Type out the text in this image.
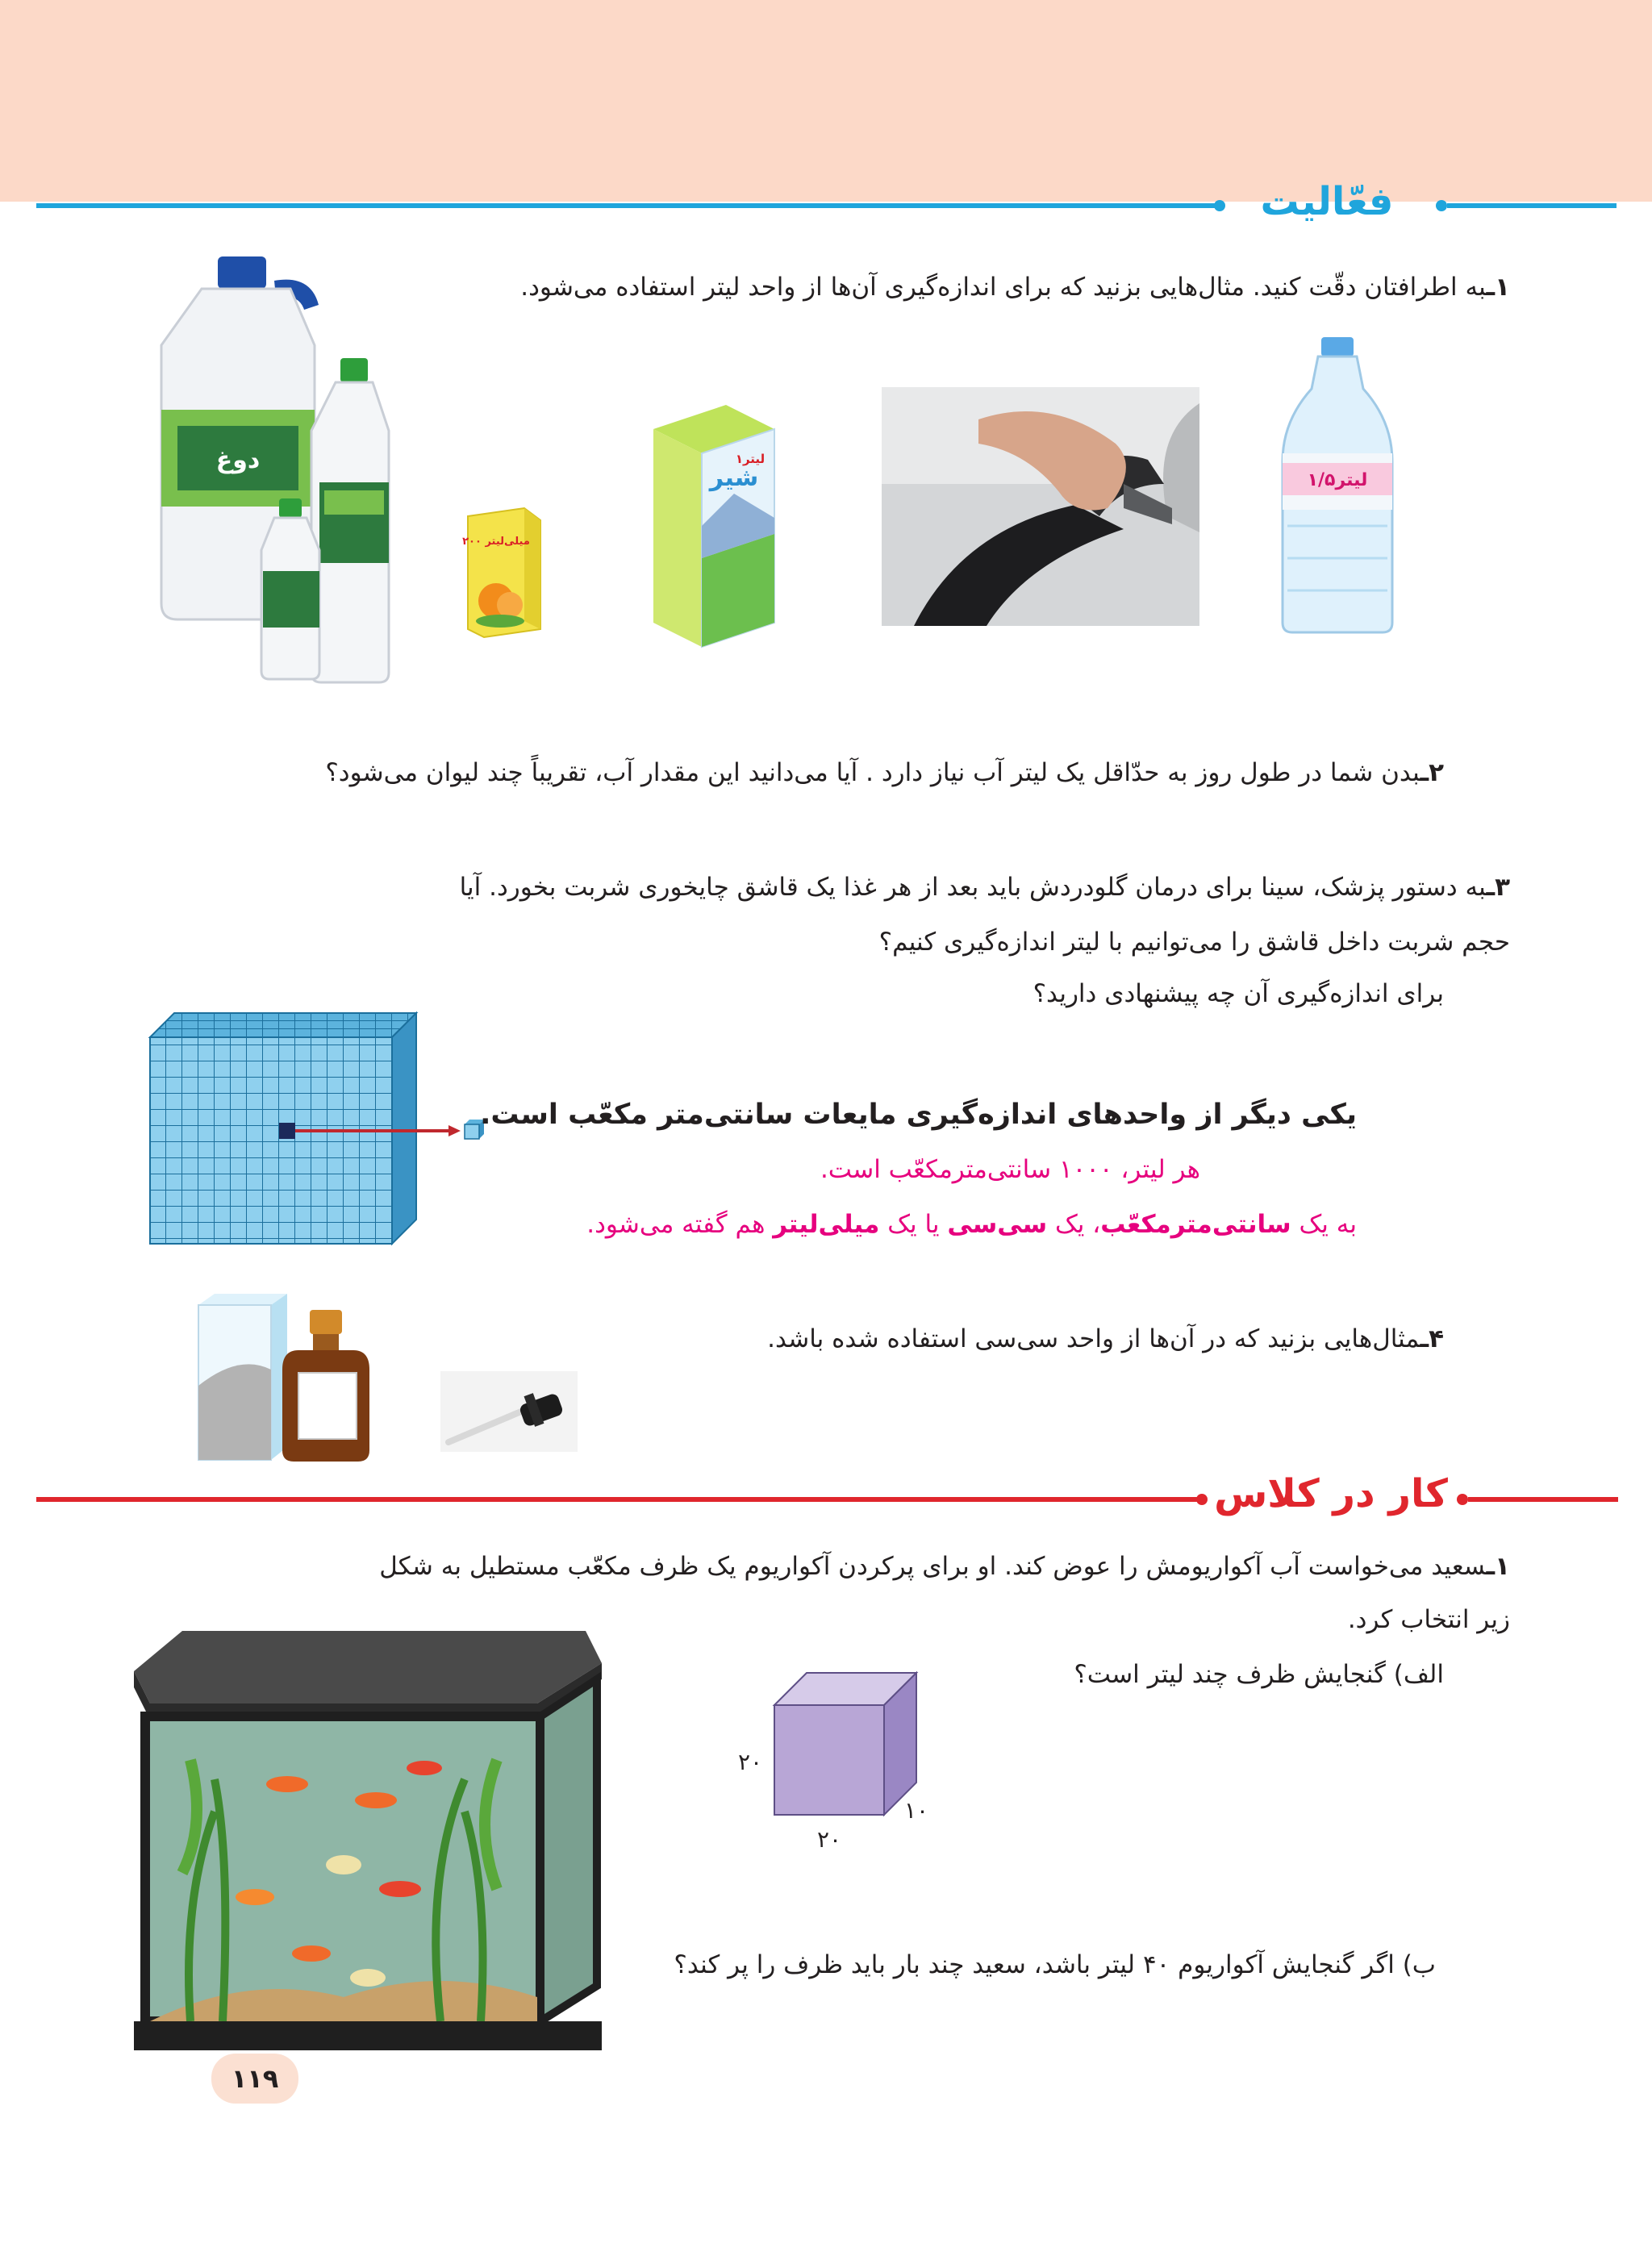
فعّالیت
۱ـبه اطرافتان دقّت کنید. مثال‌هایی بزنید که برای اندازه‌گیری آن‌ها از واحد لیتر استفاده می‌شود.
دوغ
۲۰۰ میلی‌لیتر
شیر
۱لیتر
۱/۵لیتر
۲ـبدن شما در طول روز به حدّاقل یک لیتر آب نیاز دارد . آیا می‌دانید این مقدار آب، تقریباً چند لیوان می‌شود؟
۳ـبه دستور پزشک، سینا برای درمان گلودردش باید بعد از هر غذا یک قاشق چایخوری شربت بخورد. آیا
حجم شربت داخل قاشق را می‌توانیم با لیتر اندازه‌گیری کنیم؟
برای اندازه‌گیری آن چه پیشنهادی دارید؟
یکی دیگر از واحدهای اندازه‌گیری مایعات سانتی‌متر مکعّب است.
هر لیتر، ۱۰۰۰ سانتی‌مترمکعّب است.
به یک سانتی‌مترمکعّب، یک سی‌سی یا یک میلی‌لیتر هم گفته می‌شود.
۴ـمثال‌هایی بزنید که در آن‌ها از واحد سی‌سی استفاده شده باشد.
کار در کلاس
۱ـسعید می‌خواست آب آکواریومش را عوض کند. او برای پرکردن آکواریوم یک ظرف مکعّب مستطیل به شکل
زیر انتخاب کرد.
الف) گنجایش ظرف چند لیتر است؟
۲۰
۲۰
۱۰
ب) اگر گنجایش آکواریوم ۴۰ لیتر باشد، سعید چند بار باید ظرف را پر کند؟
۱۱۹
